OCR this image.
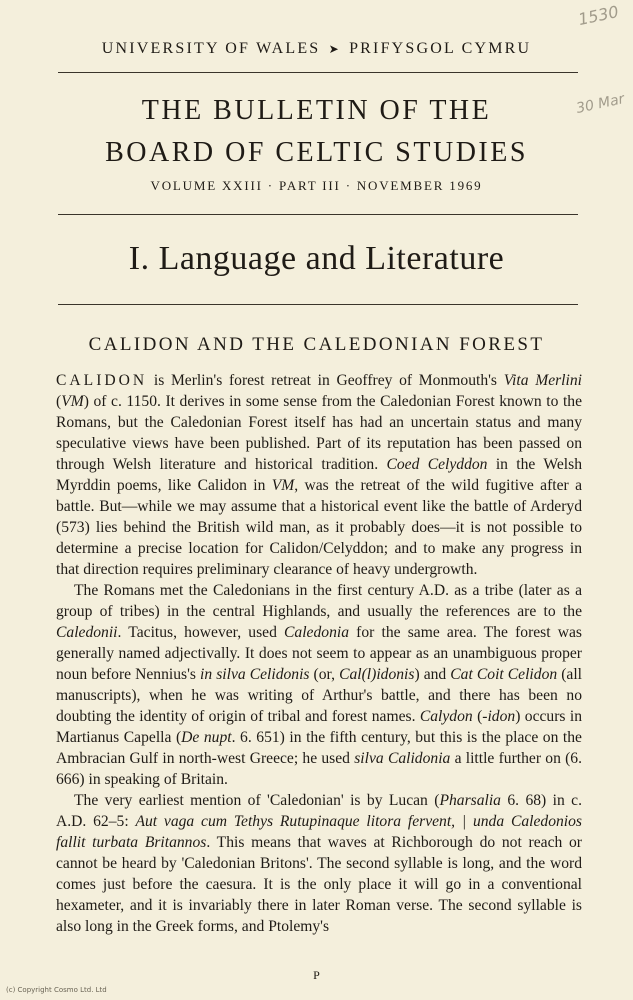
1530
30 Mar
UNIVERSITY OF WALES ➤ PRIFYSGOL CYMRU
THE BULLETIN OF THE
BOARD OF CELTIC STUDIES
VOLUME XXIII · PART III · NOVEMBER 1969
I. Language and Literature
CALIDON AND THE CALEDONIAN FOREST

CALIDON is Merlin's forest retreat in Geoffrey of Monmouth's Vita Merlini (VM) of c. 1150. It derives in some sense from the Caledonian Forest known to the Romans, but the Caledonian Forest itself has had an uncertain status and many speculative views have been published. Part of its reputation has been passed on through Welsh literature and historical tradition. Coed Celyddon in the Welsh Myrddin poems, like Calidon in VM, was the retreat of the wild fugitive after a battle. But—while we may assume that a historical event like the battle of Arderyd (573) lies behind the British wild man, as it probably does—it is not possible to determine a precise location for Calidon/Celyddon; and to make any progress in that direction requires preliminary clearance of heavy undergrowth.

The Romans met the Caledonians in the first century A.D. as a tribe (later as a group of tribes) in the central Highlands, and usually the references are to the Caledonii. Tacitus, however, used Caledonia for the same area. The forest was generally named adjectivally. It does not seem to appear as an unambiguous proper noun before Nennius's in silva Celidonis (or, Cal(l)idonis) and Cat Coit Celidon (all manuscripts), when he was writing of Arthur's battle, and there has been no doubting the identity of origin of tribal and forest names. Calydon (-idon) occurs in Martianus Capella (De nupt. 6. 651) in the fifth century, but this is the place on the Ambracian Gulf in north-west Greece; he used silva Calidonia a little further on (6. 666) in speaking of Britain.

The very earliest mention of 'Caledonian' is by Lucan (Pharsalia 6. 68) in c. A.D. 62–5: Aut vaga cum Tethys Rutupinaque litora fervent, | unda Caledonios fallit turbata Britannos. This means that waves at Richborough do not reach or cannot be heard by 'Caledonian Britons'. The second syllable is long, and the word comes just before the caesura. It is the only place it will go in a conventional hexameter, and it is invariably there in later Roman verse. The second syllable is also long in the Greek forms, and Ptolemy's

P
(c) Copyright Cosmo Ltd. Ltd
